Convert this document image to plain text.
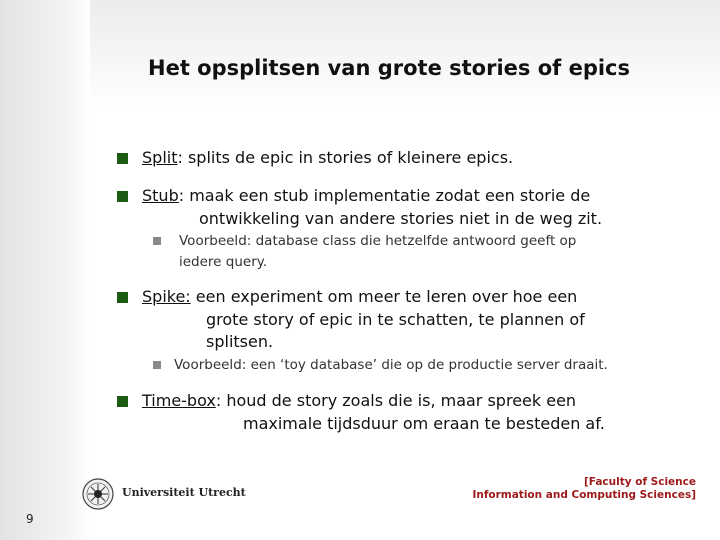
Het opsplitsen van grote stories of epics
Split: splits de epic in stories of kleinere epics.
Stub: maak een stub implementatie zodat een storie de
ontwikkeling van andere stories niet in de weg zit.
Voorbeeld: database class die hetzelfde antwoord geeft op
iedere query.
Spike: een experiment om meer te leren over hoe een
grote story of epic in te schatten, te plannen of
splitsen.
Voorbeeld: een ‘toy database’ die op de productie server draait.
Time-box: houd de story zoals die is, maar spreek een
maximale tijdsduur om eraan te besteden af.
Universiteit Utrecht
[Faculty of Science
Information and Computing Sciences]
9
